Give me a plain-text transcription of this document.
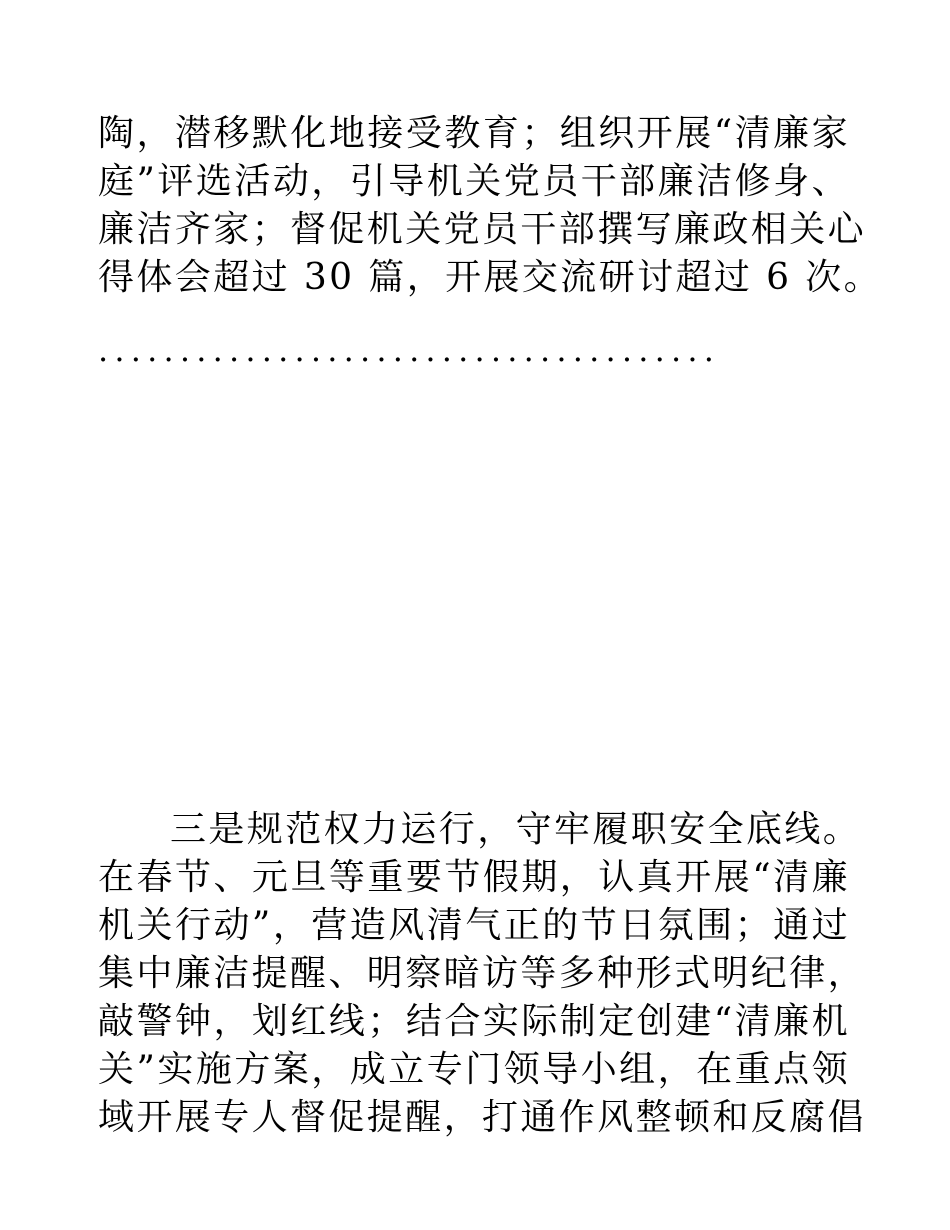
陶，潜移默化地接受教育；组织开展“清廉家
庭”评选活动，引导机关党员干部廉洁修身、
廉洁齐家；督促机关党员干部撰写廉政相关心
得体会超过 30 篇，开展交流研讨超过 6 次。
......................................
三是规范权力运行，守牢履职安全底线。
在春节、元旦等重要节假期，认真开展“清廉
机关行动”，营造风清气正的节日氛围；通过
集中廉洁提醒、明察暗访等多种形式明纪律，
敲警钟，划红线；结合实际制定创建“清廉机
关”实施方案，成立专门领导小组，在重点领
域开展专人督促提醒，打通作风整顿和反腐倡
